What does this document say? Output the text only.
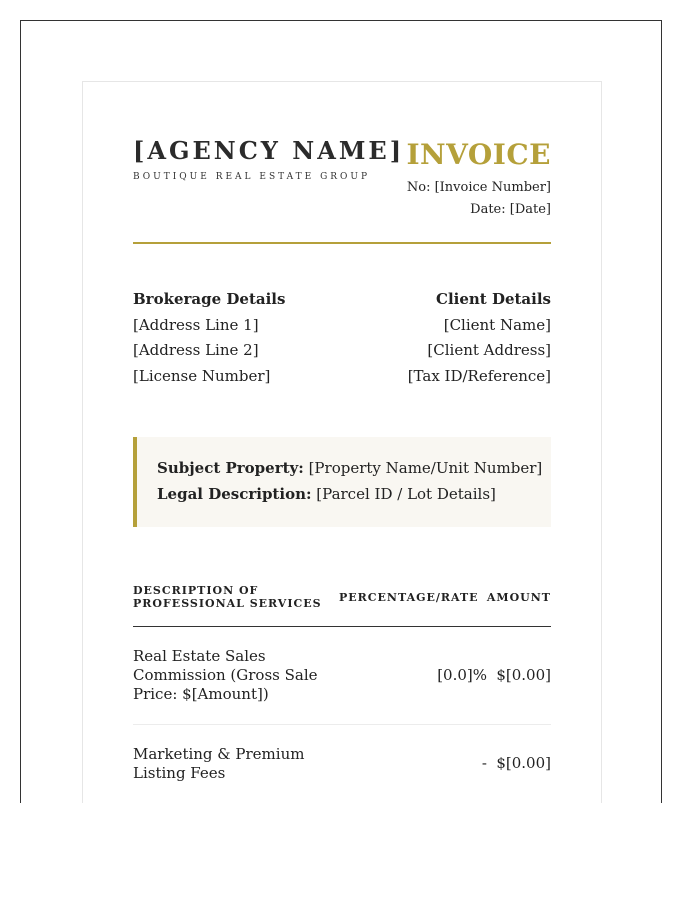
[AGENCY NAME]
BOUTIQUE REAL ESTATE GROUP
INVOICE
No: [Invoice Number]
Date: [Date]
Brokerage Details
[Address Line 1]
[Address Line 2]
[License Number]
Client Details
[Client Name]
[Client Address]
[Tax ID/Reference]
Subject Property: [Property Name/Unit Number]
Legal Description: [Parcel ID / Lot Details]
DESCRIPTION OF PROFESSIONAL SERVICES	PERCENTAGE/RATE AMOUNT
Real Estate Sales Commission (Gross Sale Price: $[Amount])
[0.0]% $[0.00]
Marketing & Premium Listing Fees
- $[0.00]
